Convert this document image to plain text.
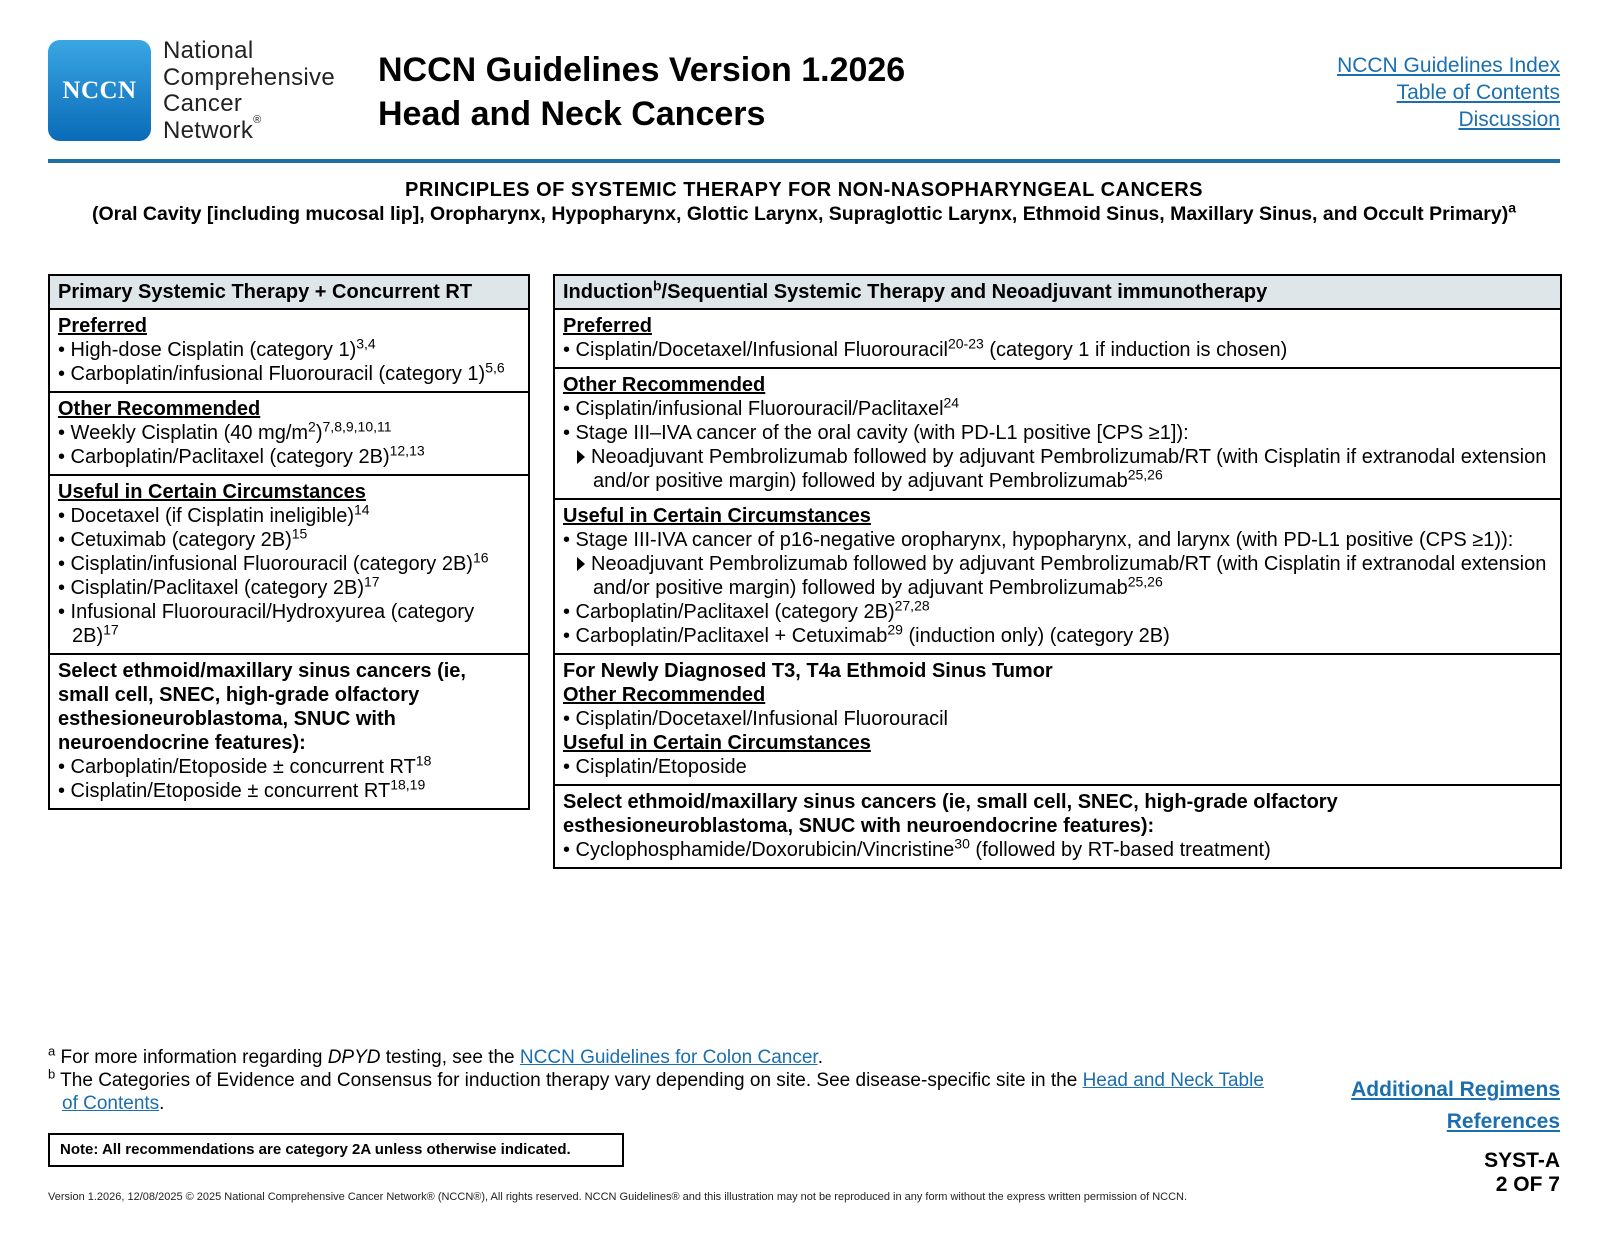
NCCN
National
Comprehensive
Cancer
Network®
NCCN Guidelines Version 1.2026
Head and Neck Cancers
NCCN Guidelines Index
Table of Contents
Discussion
PRINCIPLES OF SYSTEMIC THERAPY FOR NON-NASOPHARYNGEAL CANCERS
(Oral Cavity [including mucosal lip], Oropharynx, Hypopharynx, Glottic Larynx, Supraglottic Larynx, Ethmoid Sinus, Maxillary Sinus, and Occult Primary)$^a$
Primary Systemic Therapy + Concurrent RT
Preferred
• High-dose Cisplatin (category 1)$^{3,4}$
• Carboplatin/infusional Fluorouracil (category 1)$^{5,6}$
Other Recommended
• Weekly Cisplatin (40 $mg/m^2)^{7,8,9,10,11}$
• Carboplatin/Paclitaxel (category 2B)$^{12,13}$
Useful in Certain Circumstances
• Docetaxel (if Cisplatin ineligible)$^{14}$
• Cetuximab (category 2B)$^{15}$
• Cisplatin/infusional Fluorouracil (category 2B)$^{16}$
• Cisplatin/Paclitaxel (category 2B)$^{17}$
• Infusional Fluorouracil/Hydroxyurea (category 2B)$^{17}$
Select ethmoid/maxillary sinus cancers (ie, small cell, SNEC, high-grade olfactory esthesioneuroblastoma, SNUC with neuroendocrine features):
• Carboplatin/Etoposide ± concurrent RT$^{18}$
• Cisplatin/Etoposide ± concurrent RT$^{18,19}$
Induction$^b$/Sequential Systemic Therapy and Neoadjuvant immunotherapy
Preferred
• Cisplatin/Docetaxel/Infusional Fluorouracil$^{20-23}$ (category 1 if induction is chosen)
Other Recommended
• Cisplatin/infusional Fluorouracil/Paclitaxel$^{24}$
• Stage III–IVA cancer of the oral cavity (with PD-L1 positive [CPS ≥1]):
Neoadjuvant Pembrolizumab followed by adjuvant Pembrolizumab/RT (with Cisplatin if extranodal extension and/or positive margin) followed by adjuvant Pembrolizumab$^{25,26}$
Useful in Certain Circumstances
• Stage III-IVA cancer of p16-negative oropharynx, hypopharynx, and larynx (with PD-L1 positive (CPS ≥1)):
Neoadjuvant Pembrolizumab followed by adjuvant Pembrolizumab/RT (with Cisplatin if extranodal extension and/or positive margin) followed by adjuvant Pembrolizumab$^{25,26}$
• Carboplatin/Paclitaxel (category 2B)$^{27,28}$
• Carboplatin/Paclitaxel + Cetuximab$^{29}$ (induction only) (category 2B)
For Newly Diagnosed T3, T4a Ethmoid Sinus Tumor
Other Recommended
• Cisplatin/Docetaxel/Infusional Fluorouracil
Useful in Certain Circumstances
• Cisplatin/Etoposide
Select ethmoid/maxillary sinus cancers (ie, small cell, SNEC, high-grade olfactory esthesioneuroblastoma, SNUC with neuroendocrine features):
• Cyclophosphamide/Doxorubicin/Vincristine$^{30}$ (followed by RT-based treatment)
$^a$ For more information regarding DPYD testing, see the NCCN Guidelines for Colon Cancer.
$^b$ The Categories of Evidence and Consensus for induction therapy vary depending on site. See disease-specific site in the Head and Neck Table of Contents.
Note: All recommendations are category 2A unless otherwise indicated.
Additional Regimens
References
SYST-A
2 OF 7
Version 1.2026, 12/08/2025 © 2025 National Comprehensive Cancer Network® (NCCN®), All rights reserved. NCCN Guidelines® and this illustration may not be reproduced in any form without the express written permission of NCCN.
